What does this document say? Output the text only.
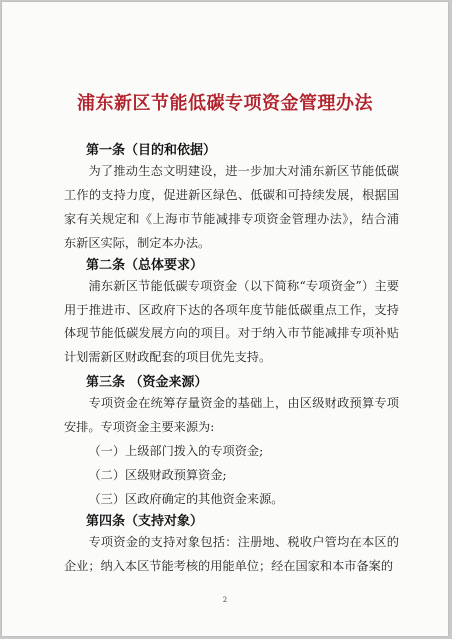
浦东新区节能低碳专项资金管理办法
第一条（目的和依据）

为了推动生态文明建设，进一步加大对浦东新区节能低碳工作的支持力度，促进新区绿色、低碳和可持续发展，根据国家有关规定和《上海市节能减排专项资金管理办法》，结合浦东新区实际，制定本办法。

第二条（总体要求）

浦东新区节能低碳专项资金（以下简称“专项资金”）主要用于推进市、区政府下达的各项年度节能低碳重点工作，支持体现节能低碳发展方向的项目。对于纳入市节能减排专项补贴计划需新区财政配套的项目优先支持。

第三条 （资金来源）

专项资金在统筹存量资金的基础上，由区级财政预算专项安排。专项资金主要来源为:

（一）上级部门拨入的专项资金;

（二）区级财政预算资金;

（三）区政府确定的其他资金来源。

第四条（支持对象）

专项资金的支持对象包括：注册地、税收户管均在本区的企业；纳入本区节能考核的用能单位；经在国家和本市备案的

2
